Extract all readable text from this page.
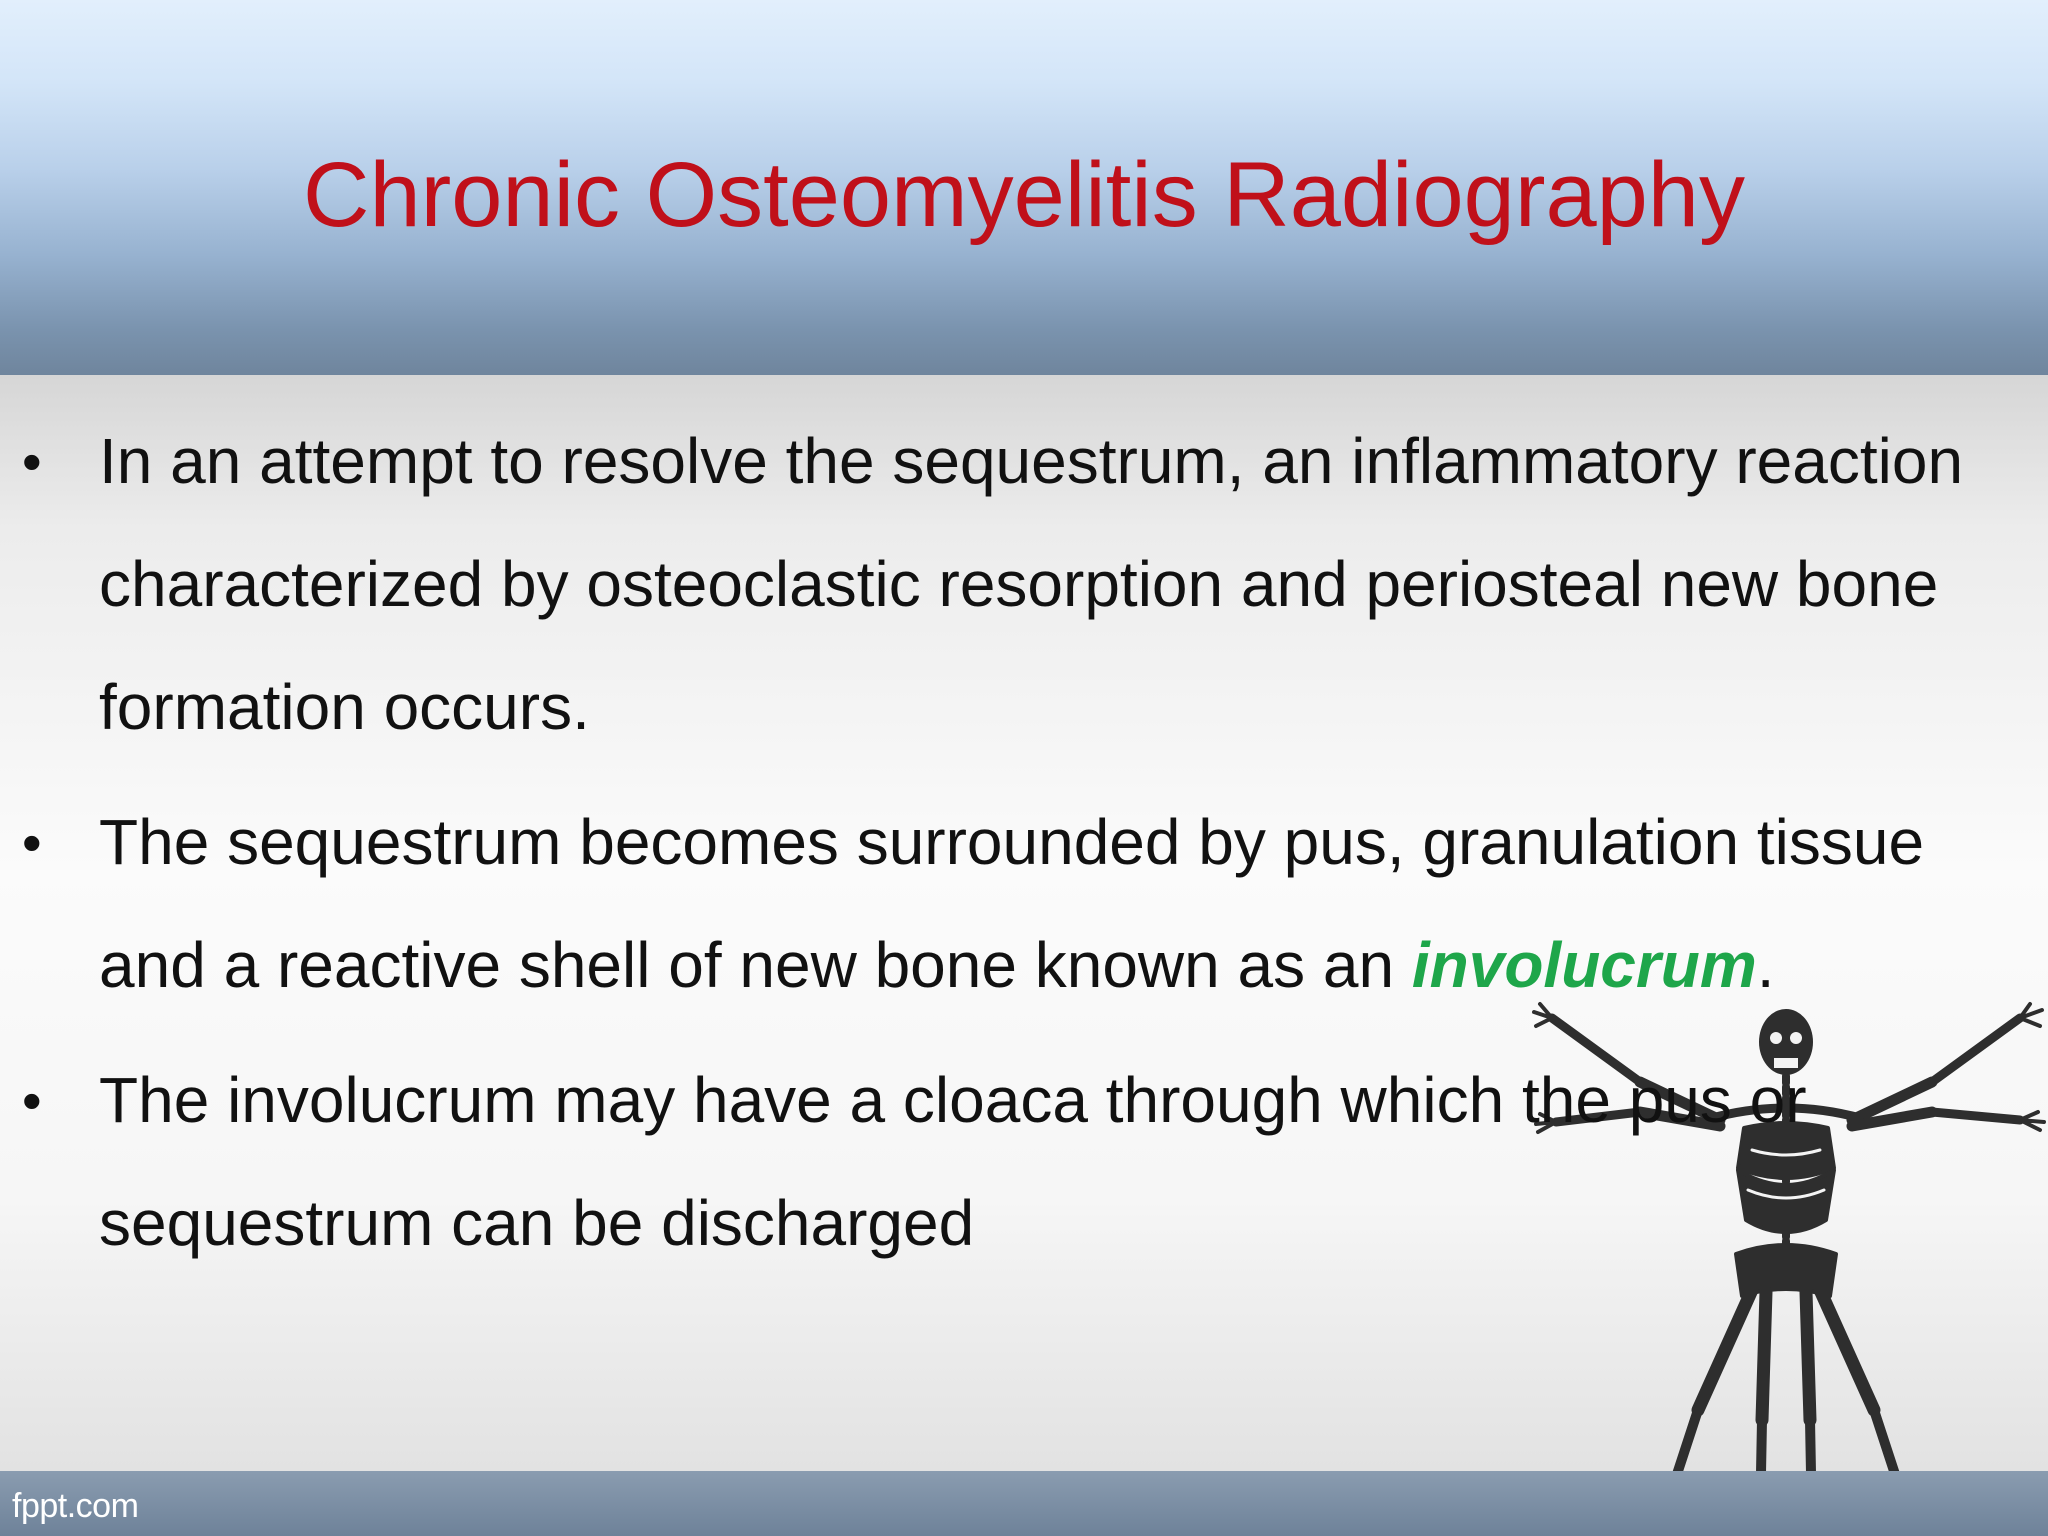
Chronic Osteomyelitis Radiography
• In an attempt to resolve the sequestrum, an inflammatory reaction characterized by osteoclastic resorption and periosteal new bone formation occurs.
• The sequestrum becomes surrounded by pus, granulation tissue and a reactive shell of new bone known as an involucrum.
• The involucrum may have a cloaca through which the pus or sequestrum can be discharged
fppt.com
